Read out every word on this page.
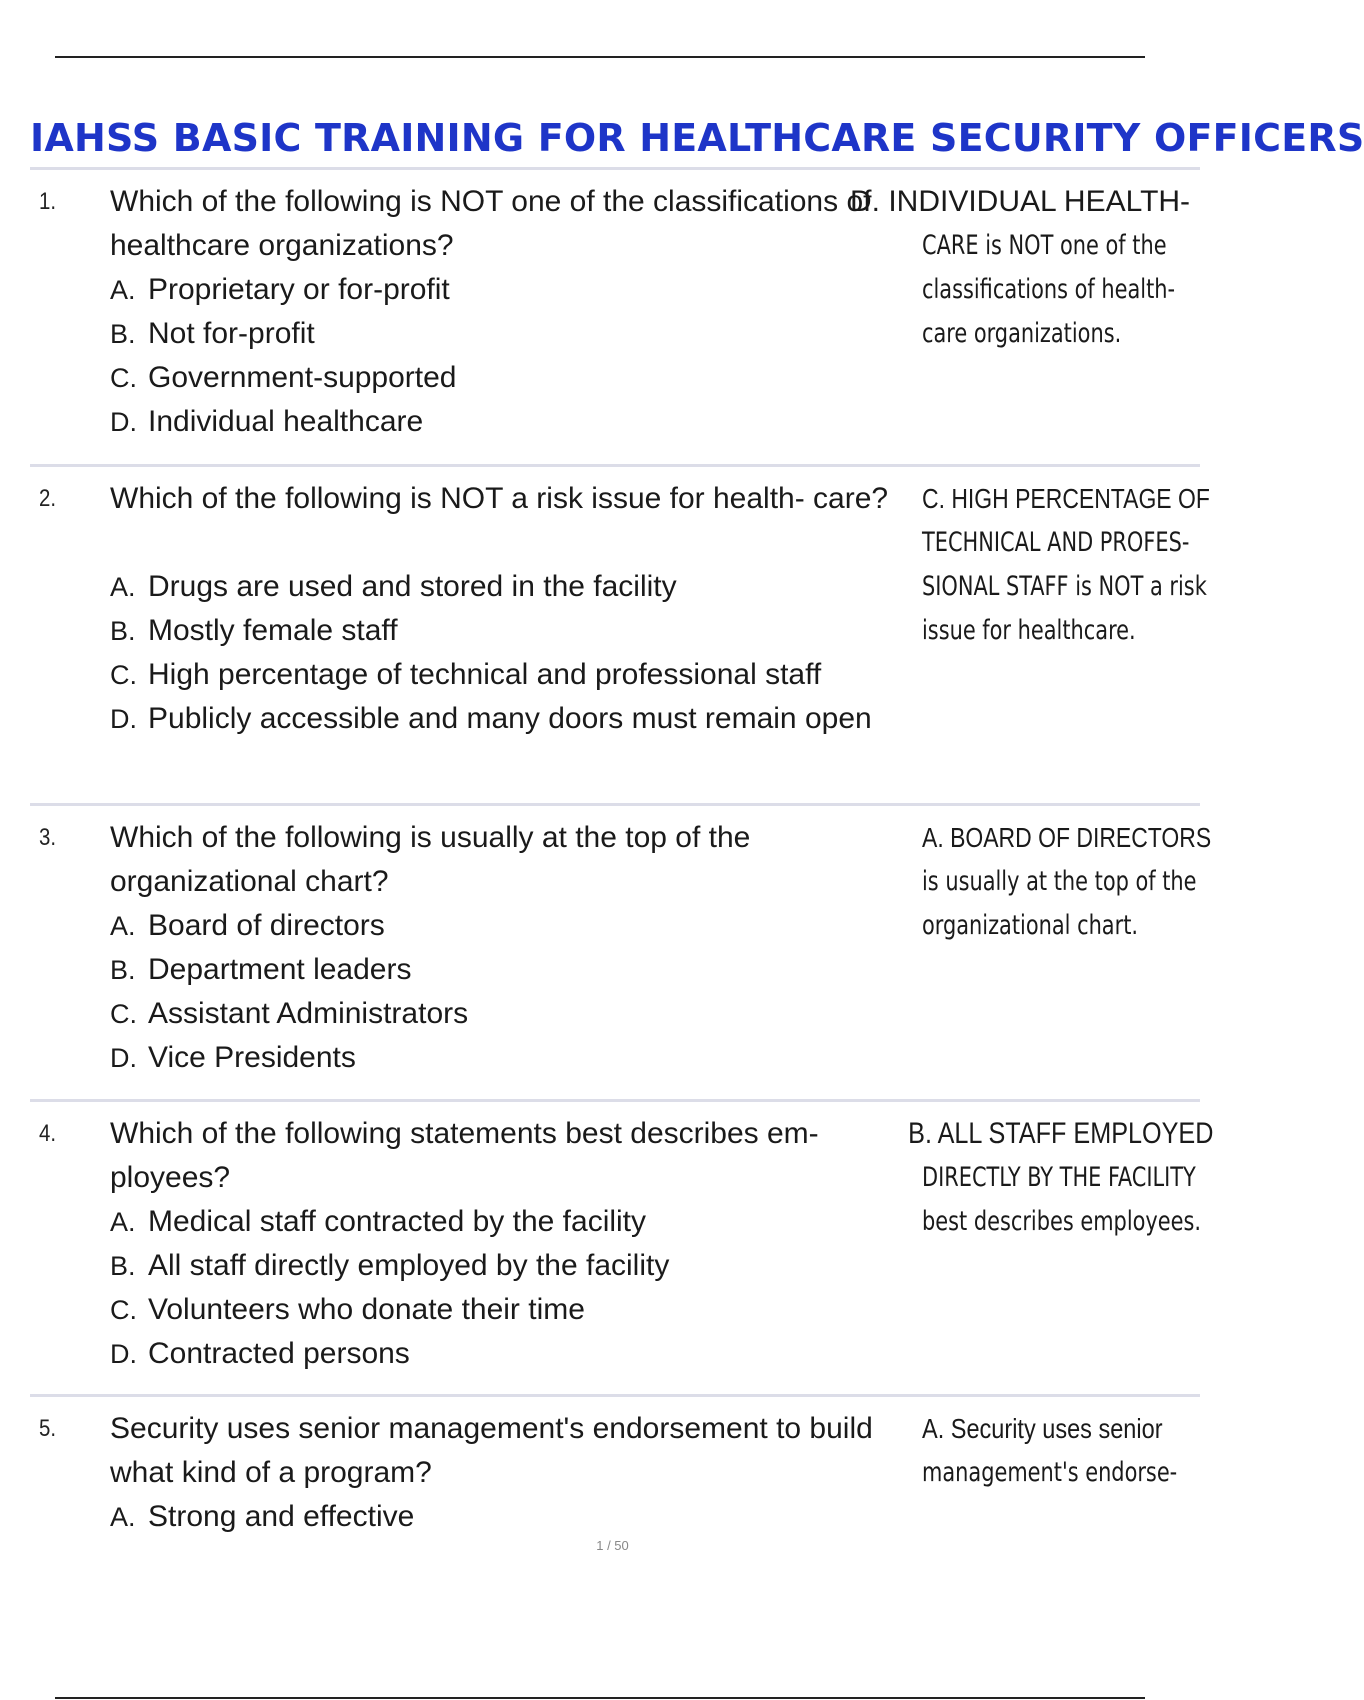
IAHSS BASIC TRAINING FOR HEALTHCARE SECURITY OFFICERS
1. Which of the following is NOT one of the classifications of healthcare organizations?
D. INDIVIDUAL HEALTH-
CARE is NOT one of the
classifications of health-
care organizations.
A. Proprietary or for-profit
B. Not for-profit
C. Government-supported
D. Individual healthcare
2. Which of the following is NOT a risk issue for health- care?	C. HIGH PERCENTAGE OF
TECHNICAL AND PROFES-
SIONAL STAFF is NOT a risk
issue for healthcare.
A. Drugs are used and stored in the facility
B. Mostly female staff
C. High percentage of technical and professional staff
D. Publicly accessible and many doors must remain open
3. Which of the following is usually at the top of the organizational chart?
A. BOARD OF DIRECTORS
is usually at the top of the
organizational chart.
A. Board of directors
B. Department leaders
C. Assistant Administrators
D. Vice Presidents
4. Which of the following statements best describes em- ployees?
B. ALL STAFF EMPLOYED
DIRECTLY BY THE FACILITY
best describes employees.
A. Medical staff contracted by the facility
B. All staff directly employed by the facility
C. Volunteers who donate their time
D. Contracted persons
5. Security uses senior management's endorsement to build what kind of a program?
A. Security uses senior
management's endorse-
A. Strong and effective
1 / 50
